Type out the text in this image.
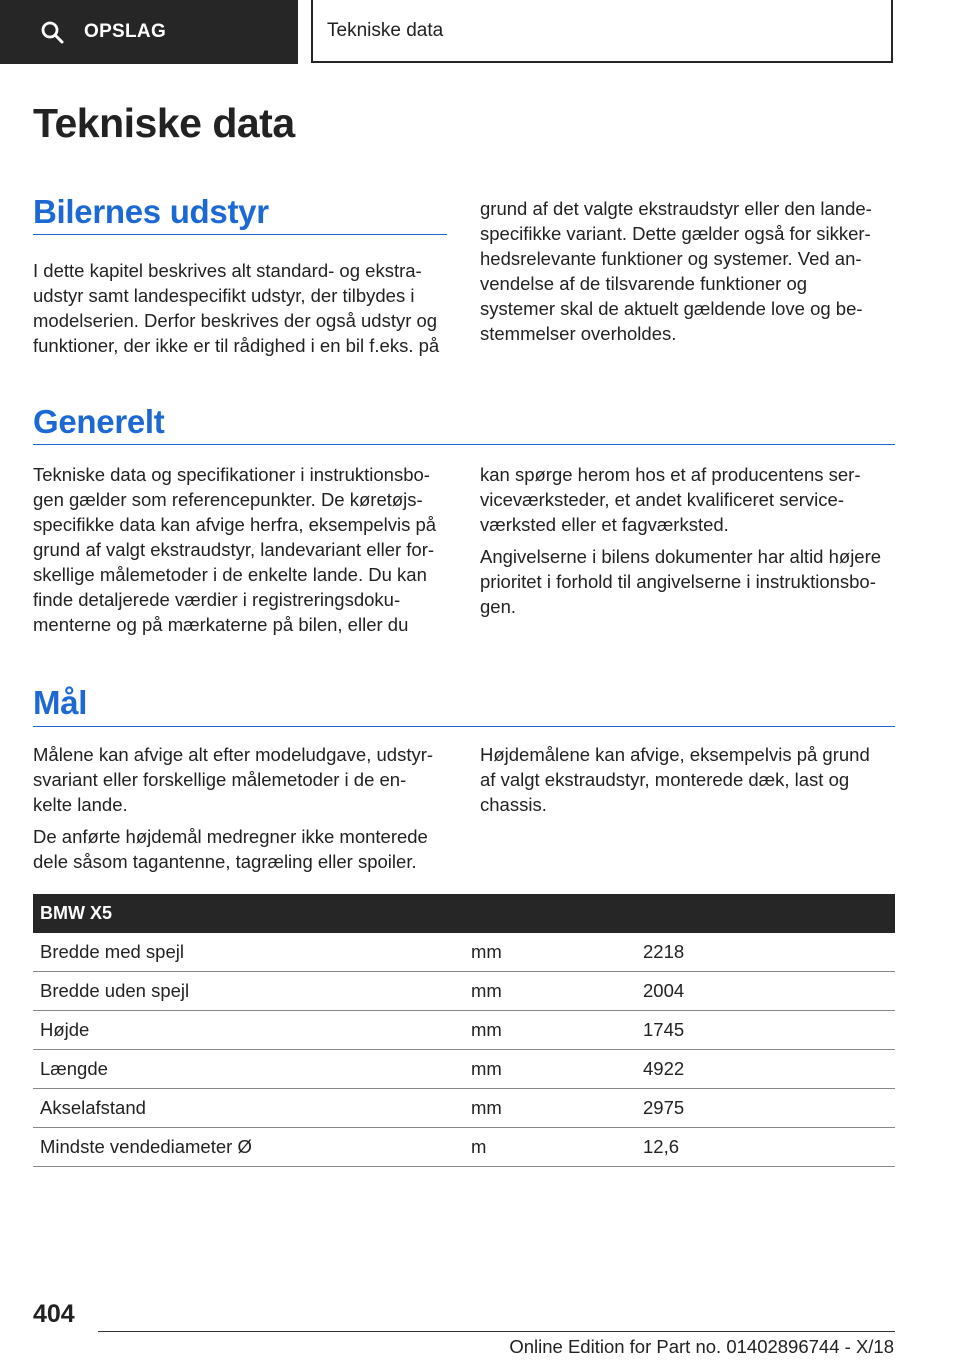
OPSLAG	Tekniske data
Tekniske data
Bilernes udstyr

I dette kapitel beskrives alt standard- og ekstra-
udstyr samt landespecifikt udstyr, der tilbydes i
modelserien. Derfor beskrives der også udstyr og
funktioner, der ikke er til rådighed i en bil f.eks. på

grund af det valgte ekstraudstyr eller den lande-
specifikke variant. Dette gælder også for sikker-
hedsrelevante funktioner og systemer. Ved an-
vendelse af de tilsvarende funktioner og
systemer skal de aktuelt gældende love og be-
stemmelser overholdes.

Generelt

Tekniske data og specifikationer i instruktionsbo-
gen gælder som referencepunkter. De køretøjs-
specifikke data kan afvige herfra, eksempelvis på
grund af valgt ekstraudstyr, landevariant eller for-
skellige målemetoder i de enkelte lande. Du kan
finde detaljerede værdier i registreringsdoku-
menterne og på mærkaterne på bilen, eller du

kan spørge herom hos et af producentens ser-
viceværksteder, et andet kvalificeret service-
værksted eller et fagværksted.

Angivelserne i bilens dokumenter har altid højere
prioritet i forhold til angivelserne i instruktionsbo-
gen.

Mål

Målene kan afvige alt efter modeludgave, udstyr-
svariant eller forskellige målemetoder i de en-
kelte lande.

De anførte højdemål medregner ikke monterede
dele såsom tagantenne, tagræling eller spoiler.

Højdemålene kan afvige, eksempelvis på grund
af valgt ekstraudstyr, monterede dæk, last og
chassis.

BMW X5		
Bredde med spejl	mm	2218
Bredde uden spejl	mm	2004
Højde	mm	1745
Længde	mm	4922
Akselafstand	mm	2975
Mindste vendediameter Ø	m	12,6
404
Online Edition for Part no. 01402896744 - X/18
